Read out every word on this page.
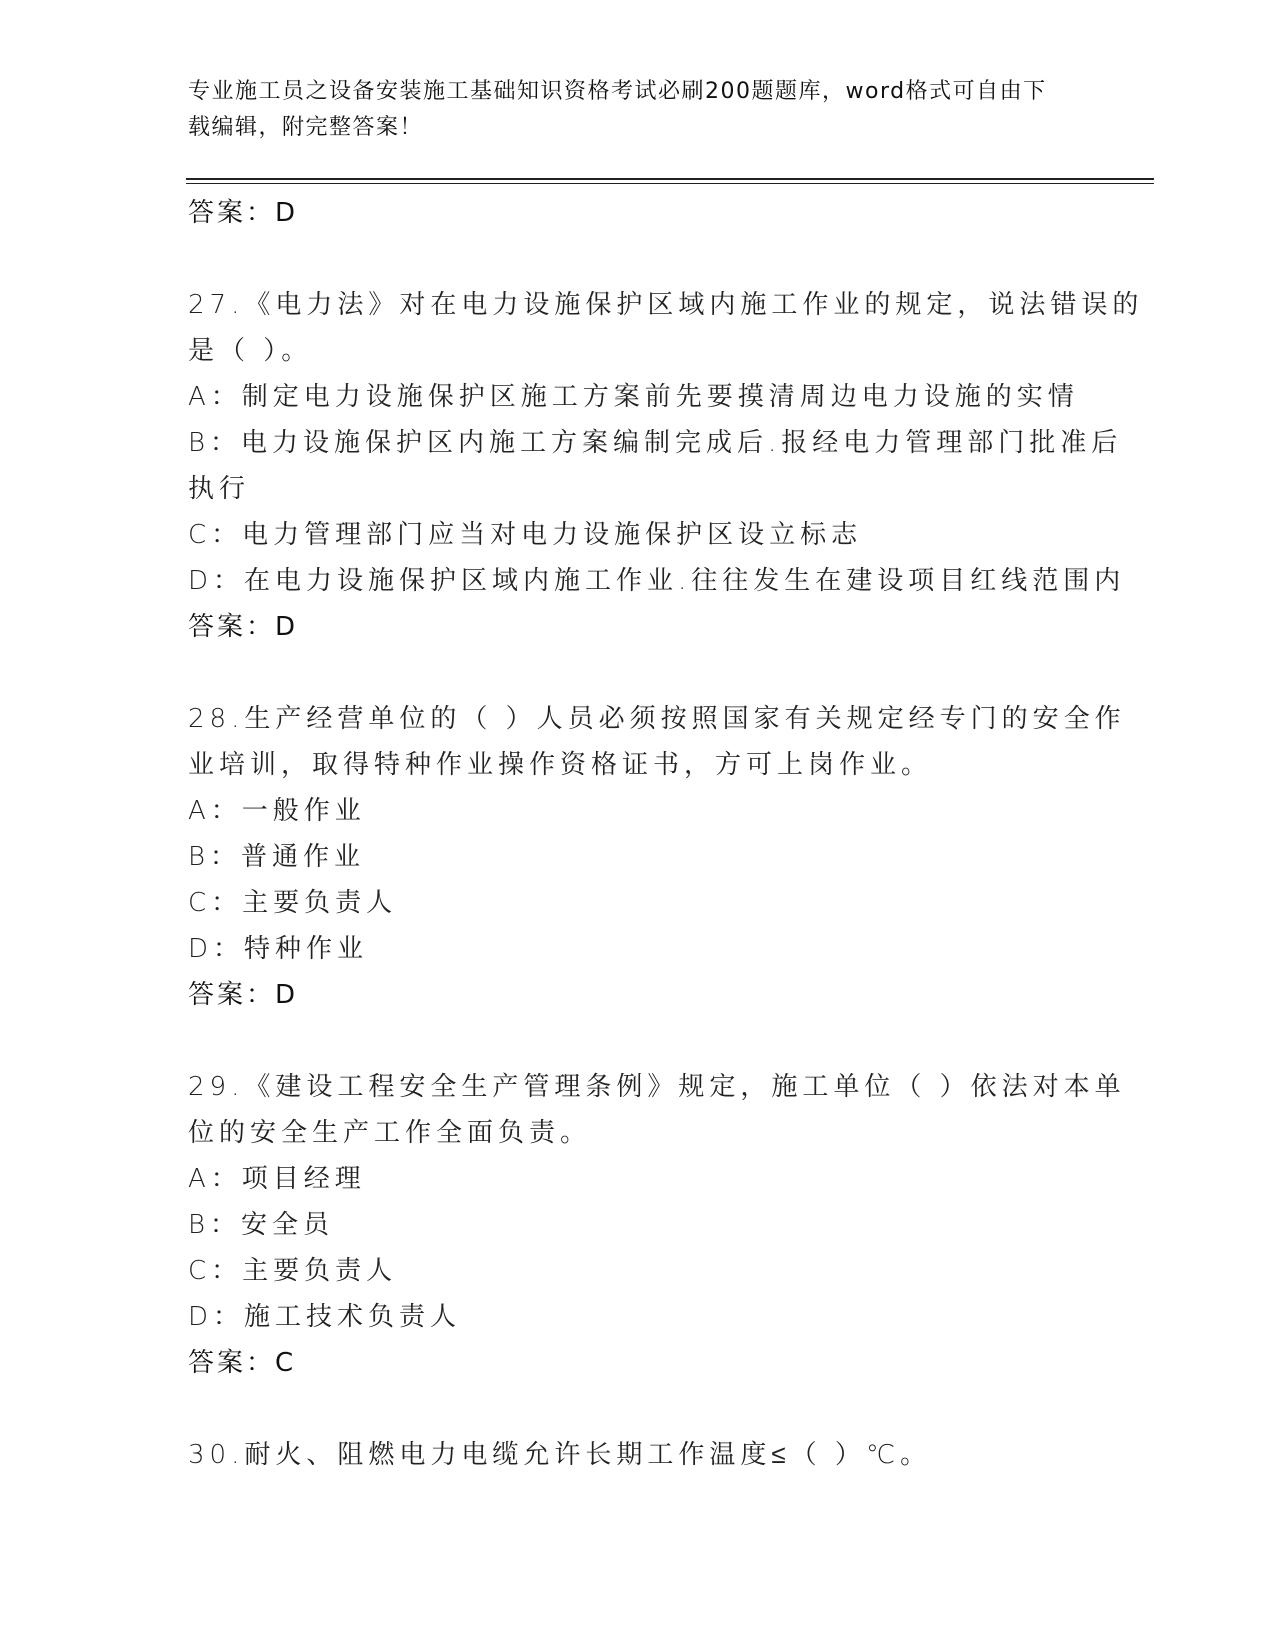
专业施工员之设备安装施工基础知识资格考试必刷200题题库，word格式可自由下载编辑，附完整答案！
答案：D
27.《电力法》对在电力设施保护区域内施工作业的规定，说法错误的是（ ）。
A：制定电力设施保护区施工方案前先要摸清周边电力设施的实情
B：电力设施保护区内施工方案编制完成后.报经电力管理部门批准后执行
C：电力管理部门应当对电力设施保护区设立标志
D：在电力设施保护区域内施工作业.往往发生在建设项目红线范围内
答案：D
28.生产经营单位的（ ）人员必须按照国家有关规定经专门的安全作业培训，取得特种作业操作资格证书，方可上岗作业。
A：一般作业
B：普通作业
C：主要负责人
D：特种作业
答案：D
29.《建设工程安全生产管理条例》规定，施工单位（ ）依法对本单位的安全生产工作全面负责。
A：项目经理
B：安全员
C：主要负责人
D：施工技术负责人
答案：C
30.耐火、阻燃电力电缆允许长期工作温度≤（ ）℃。
